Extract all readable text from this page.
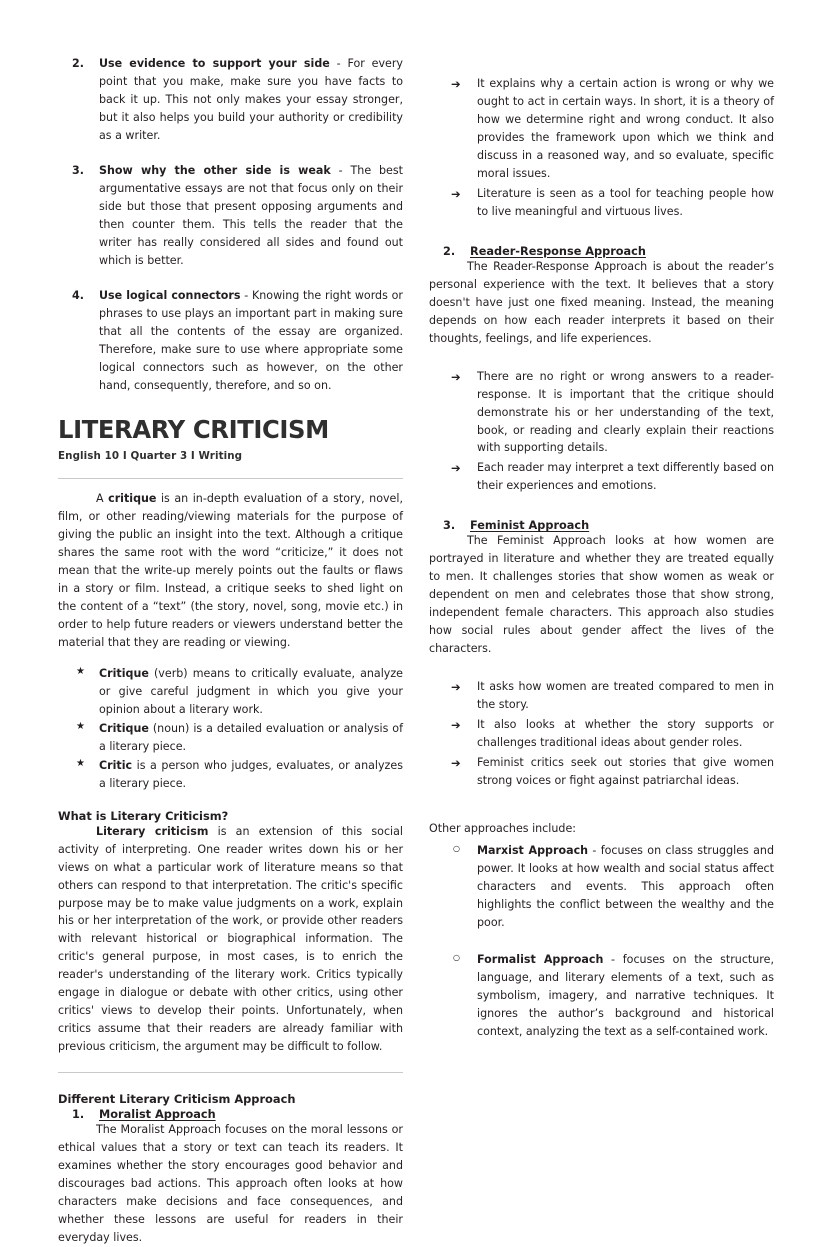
2. Use evidence to support your side - For every point that you make, make sure you have facts to back it up. This not only makes your essay stronger, but it also helps you build your authority or credibility as a writer.

3. Show why the other side is weak - The best argumentative essays are not that focus only on their side but those that present opposing arguments and then counter them. This tells the reader that the writer has really considered all sides and found out which is better.

4. Use logical connectors - Knowing the right words or phrases to use plays an important part in making sure that all the contents of the essay are organized. Therefore, make sure to use where appropriate some logical connectors such as however, on the other hand, consequently, therefore, and so on.

LITERARY CRITICISM

English 10 I Quarter 3 I Writing

A critique is an in-depth evaluation of a story, novel, film, or other reading/viewing materials for the purpose of giving the public an insight into the text. Although a critique shares the same root with the word “criticize,” it does not mean that the write-up merely points out the faults or flaws in a story or film. Instead, a critique seeks to shed light on the content of a “text” (the story, novel, song, movie etc.) in order to help future readers or viewers understand better the material that they are reading or viewing.

★ Critique (verb) means to critically evaluate, analyze or give careful judgment in which you give your opinion about a literary work.

★ Critique (noun) is a detailed evaluation or analysis of a literary piece.

★ Critic is a person who judges, evaluates, or analyzes a literary piece.

What is Literary Criticism?

Literary criticism is an extension of this social activity of interpreting. One reader writes down his or her views on what a particular work of literature means so that others can respond to that interpretation. The critic's specific purpose may be to make value judgments on a work, explain his or her interpretation of the work, or provide other readers with relevant historical or biographical information. The critic's general purpose, in most cases, is to enrich the reader's understanding of the literary work. Critics typically engage in dialogue or debate with other critics, using other critics' views to develop their points. Unfortunately, when critics assume that their readers are already familiar with previous criticism, the argument may be difficult to follow.

Different Literary Criticism Approach
1. Moralist Approach

The Moralist Approach focuses on the moral lessons or ethical values that a story or text can teach its readers. It examines whether the story encourages good behavior and discourages bad actions. This approach often looks at how characters make decisions and face consequences, and whether these lessons are useful for readers in their everyday lives.

➔ It explains why a certain action is wrong or why we ought to act in certain ways. In short, it is a theory of how we determine right and wrong conduct. It also provides the framework upon which we think and discuss in a reasoned way, and so evaluate, specific moral issues.

➔ Literature is seen as a tool for teaching people how to live meaningful and virtuous lives.

2. Reader-Response Approach

The Reader-Response Approach is about the reader’s personal experience with the text. It believes that a story doesn't have just one fixed meaning. Instead, the meaning depends on how each reader interprets it based on their thoughts, feelings, and life experiences.

➔ There are no right or wrong answers to a reader-response. It is important that the critique should demonstrate his or her understanding of the text, book, or reading and clearly explain their reactions with supporting details.

➔ Each reader may interpret a text differently based on their experiences and emotions.

3. Feminist Approach

The Feminist Approach looks at how women are portrayed in literature and whether they are treated equally to men. It challenges stories that show women as weak or dependent on men and celebrates those that show strong, independent female characters. This approach also studies how social rules about gender affect the lives of the characters.

➔ It asks how women are treated compared to men in the story.

➔ It also looks at whether the story supports or challenges traditional ideas about gender roles.

➔ Feminist critics seek out stories that give women strong voices or fight against patriarchal ideas.

Other approaches include:

○ Marxist Approach - focuses on class struggles and power. It looks at how wealth and social status affect characters and events. This approach often highlights the conflict between the wealthy and the poor.

○ Formalist Approach - focuses on the structure, language, and literary elements of a text, such as symbolism, imagery, and narrative techniques. It ignores the author’s background and historical context, analyzing the text as a self-contained work.
